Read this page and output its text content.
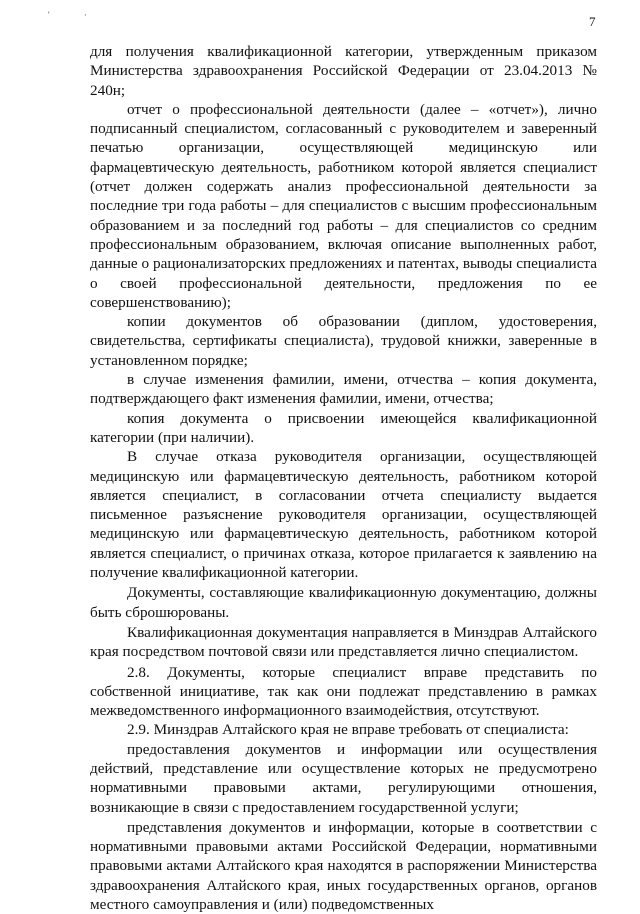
' ·	7

для получения квалификационной категории, утвержденным приказом Министерства здравоохранения Российской Федерации от 23.04.2013 № 240н;

отчет о профессиональной деятельности (далее – «отчет»), лично подписанный специалистом, согласованный с руководителем и заверенный печатью организации, осуществляющей медицинскую или фармацевтическую деятельность, работником которой является специалист (отчет должен содержать анализ профессиональной деятельности за последние три года работы – для специалистов с высшим профессиональным образованием и за последний год работы – для специалистов со средним профессиональным образованием, включая описание выполненных работ, данные о рационализаторских предложениях и патентах, выводы специалиста о своей профессиональной деятельности, предложения по ее совершенствованию);

копии документов об образовании (диплом, удостоверения, свидетельства, сертификаты специалиста), трудовой книжки, заверенные в установленном порядке;

в случае изменения фамилии, имени, отчества – копия документа, подтверждающего факт изменения фамилии, имени, отчества;

копия документа о присвоении имеющейся квалификационной категории (при наличии).

В случае отказа руководителя организации, осуществляющей медицинскую или фармацевтическую деятельность, работником которой является специалист, в согласовании отчета специалисту выдается письменное разъяснение руководителя организации, осуществляющей медицинскую или фармацевтическую деятельность, работником которой является специалист, о причинах отказа, которое прилагается к заявлению на получение квалификационной категории.

Документы, составляющие квалификационную документацию, должны быть сброшюрованы.

Квалификационная документация направляется в Минздрав Алтайского края посредством почтовой связи или представляется лично специалистом.

2.8. Документы, которые специалист вправе представить по собственной инициативе, так как они подлежат представлению в рамках межведомственного информационного взаимодействия, отсутствуют.

2.9. Минздрав Алтайского края не вправе требовать от специалиста:

предоставления документов и информации или осуществления действий, представление или осуществление которых не предусмотрено нормативными правовыми актами, регулирующими отношения, возникающие в связи с предоставлением государственной услуги;

представления документов и информации, которые в соответствии с нормативными правовыми актами Российской Федерации, нормативными правовыми актами Алтайского края находятся в распоряжении Министерства здравоохранения Алтайского края, иных государственных органов, органов местного самоуправления и (или) подведомственных
